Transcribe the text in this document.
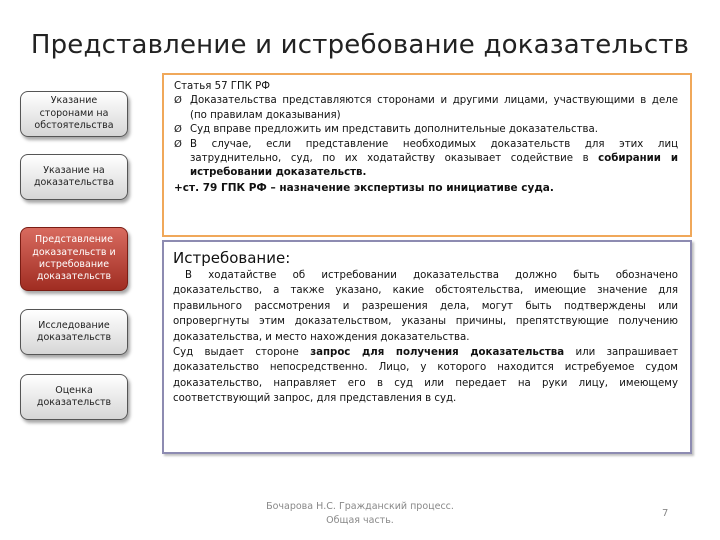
Представление и истребование доказательств
Указание сторонами на обстоятельства
Указание на доказательства
Представление доказательств и истребование доказательств
Исследование доказательств
Оценка доказательств

Статья 57 ГПК РФ

Ø Доказательства представляются сторонами и другими лицами, участвующими в деле (по правилам доказывания)
Ø Суд вправе предложить им представить дополнительные доказательства.
Ø В случае, если представление необходимых доказательств для этих лиц затруднительно, суд, по их ходатайству оказывает содействие в собирании и истребовании доказательств.

+ст. 79 ГПК РФ – назначение экспертизы по инициативе суда.

Истребование:

В ходатайстве об истребовании доказательства должно быть обозначено доказательство, а также указано, какие обстоятельства, имеющие значение для правильного рассмотрения и разрешения дела, могут быть подтверждены или опровергнуты этим доказательством, указаны причины, препятствующие получению доказательства, и место нахождения доказательства.

Суд выдает стороне запрос для получения доказательства или запрашивает доказательство непосредственно. Лицо, у которого находится истребуемое судом доказательство, направляет его в суд или передает на руки лицу, имеющему соответствующий запрос, для представления в суд.

Бочарова Н.С. Гражданский процесс.
Общая часть.
7
